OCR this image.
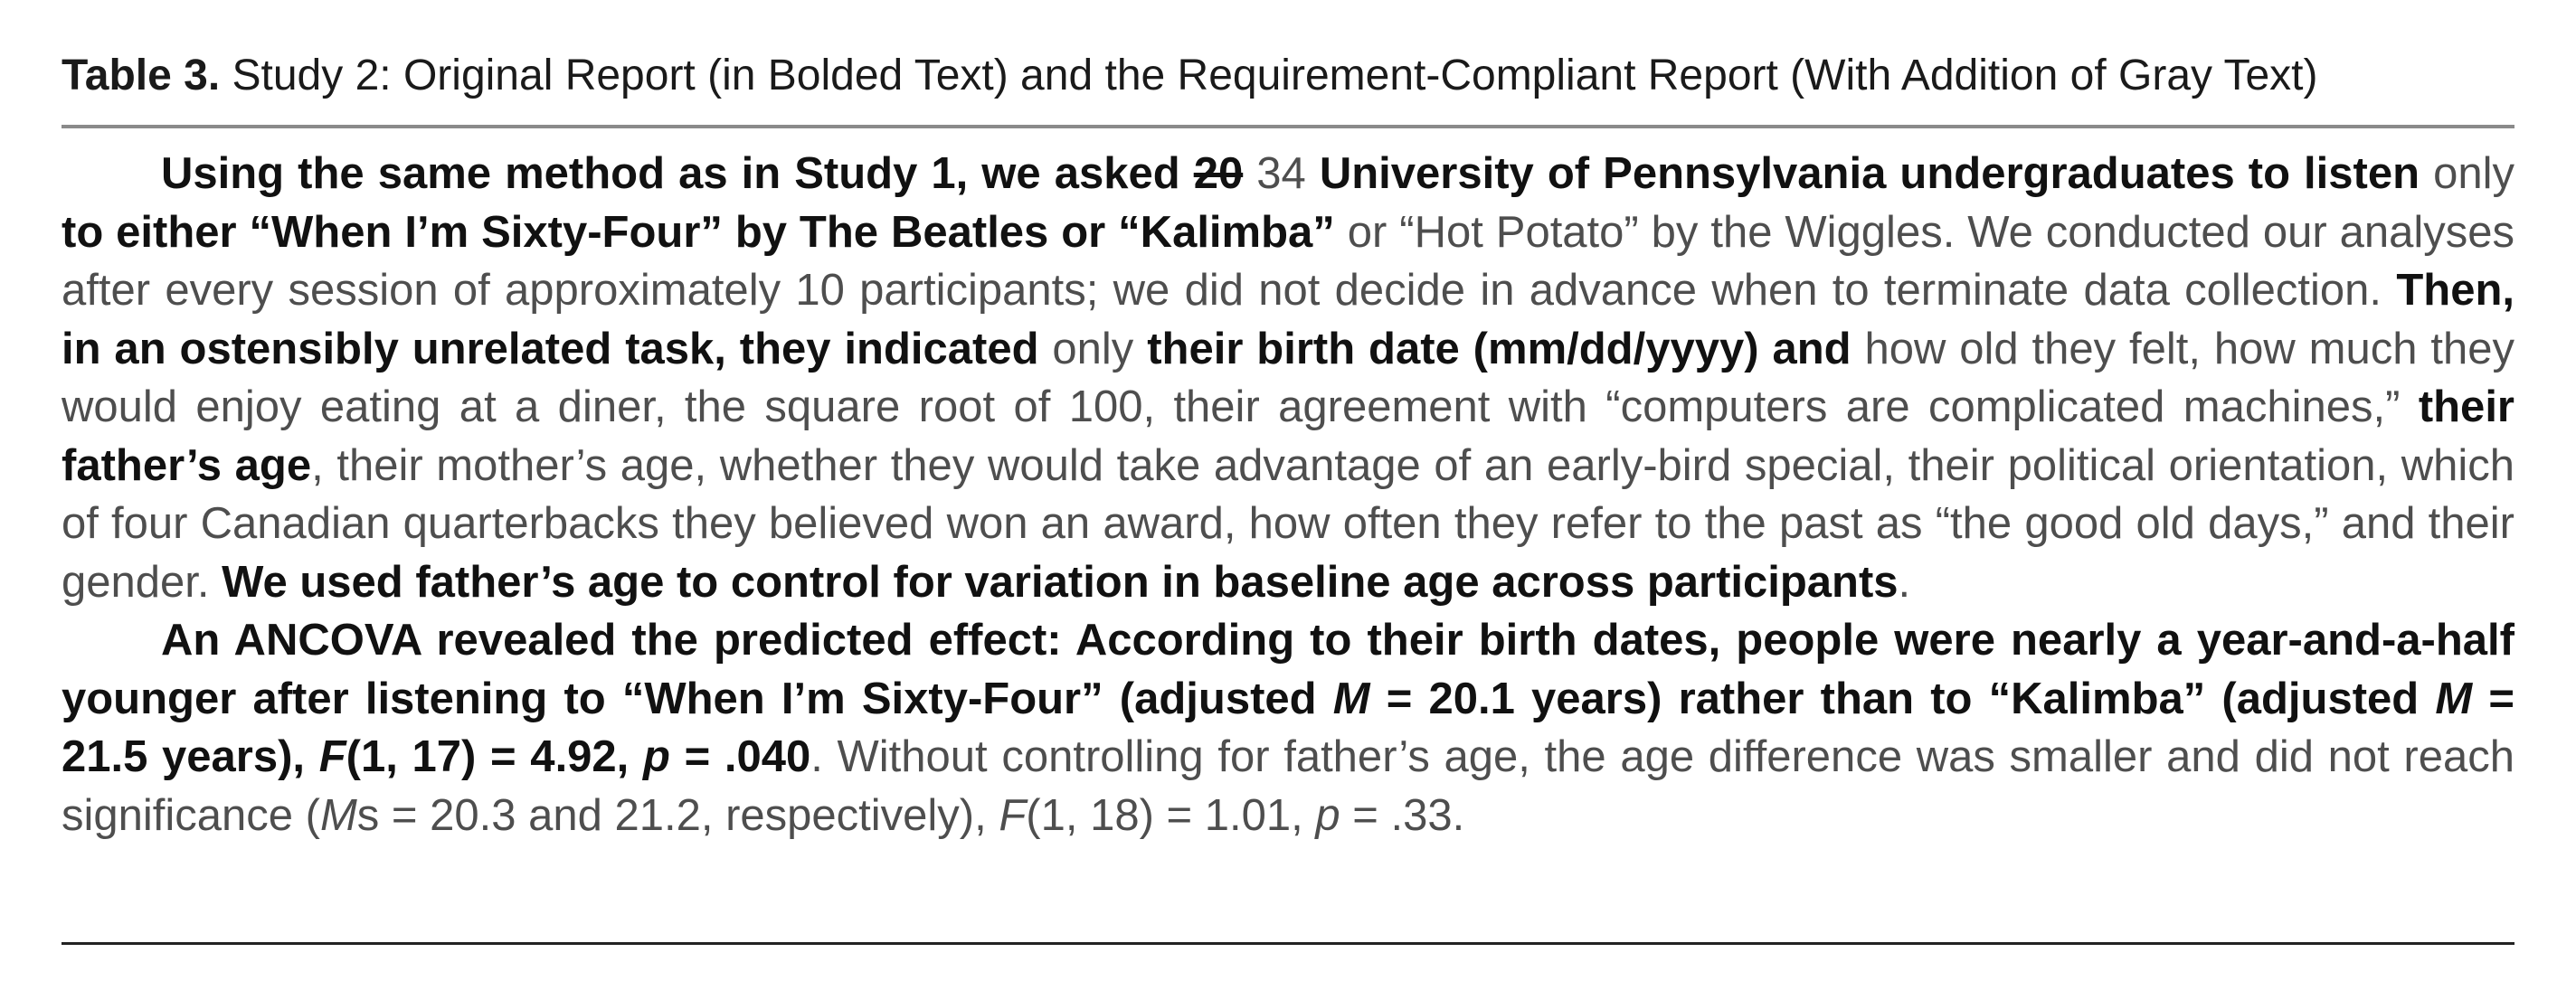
Table 3. Study 2: Original Report (in Bolded Text) and the Requirement-Compliant Report (With Addition of Gray Text)

Using the same method as in Study 1, we asked 20 34 University of Pennsylvania undergraduates to listen only to either “When I’m Sixty-Four” by The Beatles or “Kalimba” or “Hot Potato” by the Wiggles. We conducted our analyses after every session of approximately 10 participants; we did not decide in advance when to terminate data collection. Then, in an ostensibly unrelated task, they indicated only their birth date (mm/dd/yyyy) and how old they felt, how much they would enjoy eating at a diner, the square root of 100, their agreement with “computers are complicated machines,” their father’s age, their mother’s age, whether they would take advantage of an early-bird special, their political orientation, which of four Canadian quarterbacks they believed won an award, how often they refer to the past as “the good old days,” and their gender. We used father’s age to control for variation in baseline age across participants.

An ANCOVA revealed the predicted effect: According to their birth dates, people were nearly a year-and-a-half younger after listening to “When I’m Sixty-Four” (adjusted M = 20.1 years) rather than to “Kalimba” (adjusted M = 21.5 years), F(1, 17) = 4.92, p = .040. Without controlling for father’s age, the age difference was smaller and did not reach significance (Ms = 20.3 and 21.2, respectively), F(1, 18) = 1.01, p = .33.
